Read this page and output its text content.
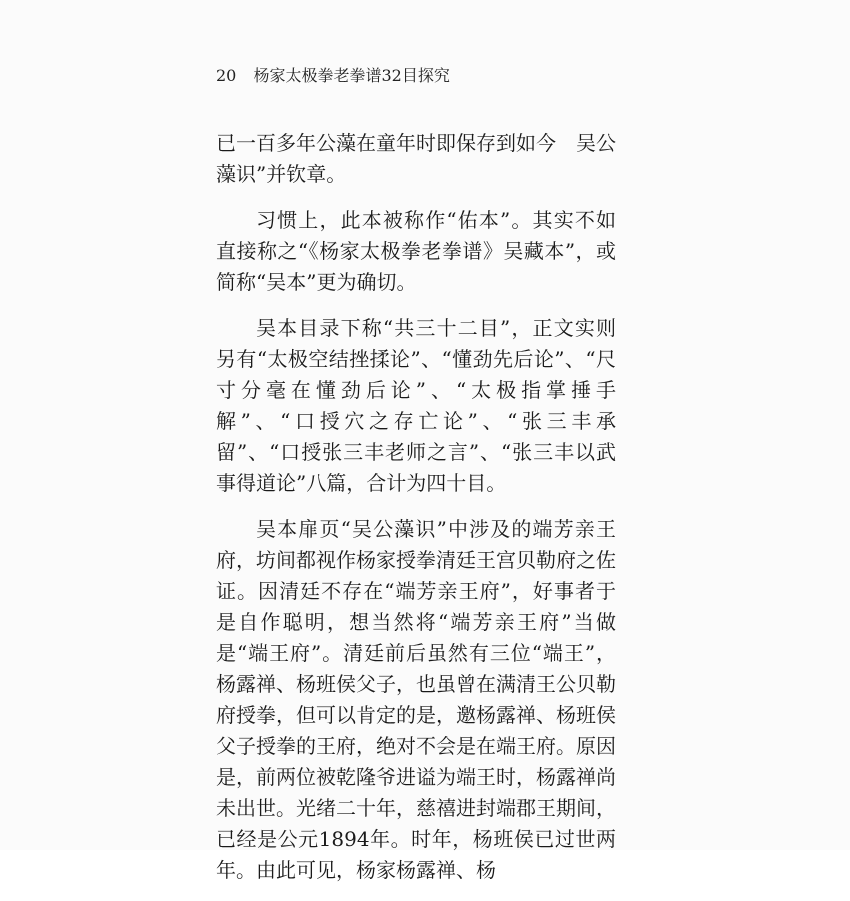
20 杨家太极拳老拳谱32目探究

已一百多年公藻在童年时即保存到如今　吴公藻识”并钦章。

习惯上，此本被称作“佑本”。其实不如直接称之“《杨家太极拳老拳谱》吴藏本”，或简称“吴本”更为确切。

吴本目录下称“共三十二目”，正文实则另有“太极空结挫揉论”、“懂劲先后论”、“尺寸分毫在懂劲后论”、“太极指掌捶手解”、“口授穴之存亡论”、“张三丰承留”、“口授张三丰老师之言”、“张三丰以武事得道论”八篇，合计为四十目。

吴本扉页“吴公藻识”中涉及的端芳亲王府，坊间都视作杨家授拳清廷王宫贝勒府之佐证。因清廷不存在“端芳亲王府”，好事者于是自作聪明，想当然将“端芳亲王府”当做是“端王府”。清廷前后虽然有三位“端王”，杨露禅、杨班侯父子，也虽曾在满清王公贝勒府授拳，但可以肯定的是，邀杨露禅、杨班侯父子授拳的王府，绝对不会是在端王府。原因是，前两位被乾隆爷进谥为端王时，杨露禅尚未出世。光绪二十年，慈禧进封端郡王期间，已经是公元1894年。时年，杨班侯已过世两年。由此可见，杨家杨露禅、杨
